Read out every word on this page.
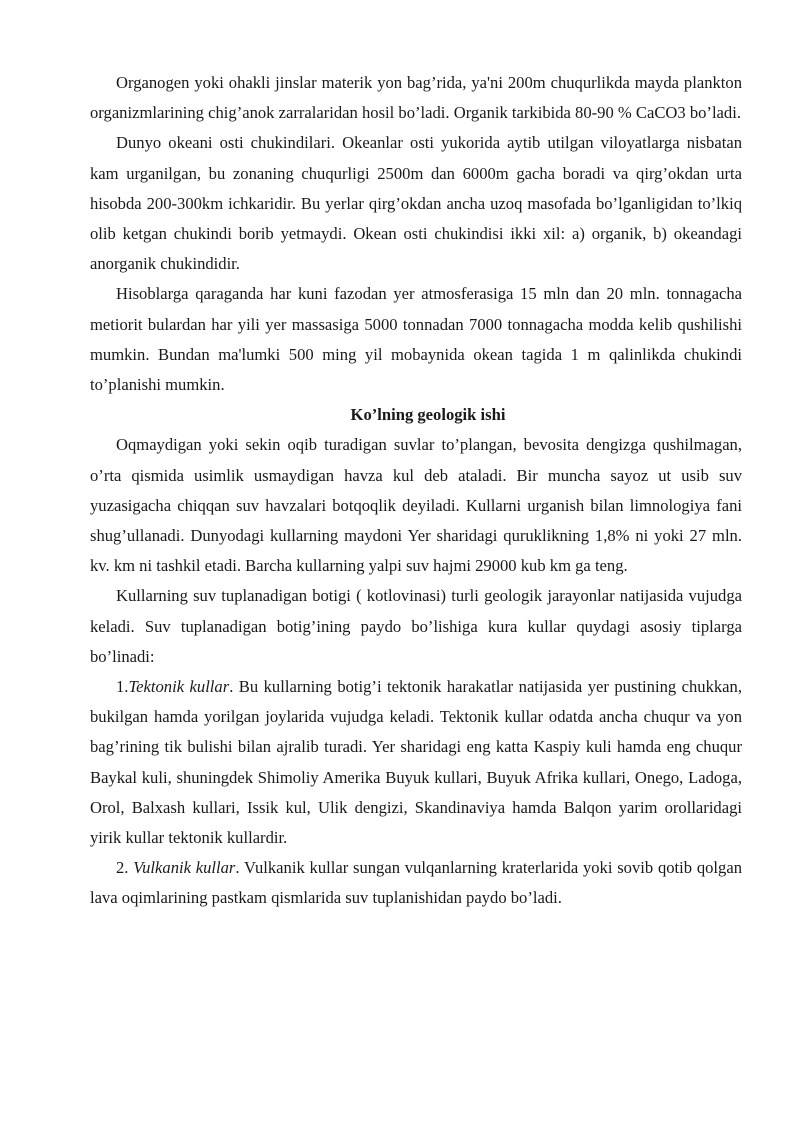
Organogen yoki ohakli jinslar materik yon bag’rida, ya'ni 200m chuqurlikda mayda plankton organizmlarining chig’anok zarralaridan hosil bo’ladi. Organik tarkibida 80-90 % CaCO3 bo’ladi.

Dunyo okeani osti chukindilari. Okeanlar osti yukorida aytib utilgan viloyatlarga nisbatan kam urganilgan, bu zonaning chuqurligi 2500m dan 6000m gacha boradi va qirg’okdan urta hisobda 200-300km ichkaridir. Bu yerlar qirg’okdan ancha uzoq masofada bo’lganligidan to’lkiq olib ketgan chukindi borib yetmaydi. Okean osti chukindisi ikki xil: a) organik, b) okeandagi anorganik chukindidir.

Hisoblarga qaraganda har kuni fazodan yer atmosferasiga 15 mln dan 20 mln. tonnagacha metiorit bulardan har yili yer massasiga 5000 tonnadan 7000 tonnagacha modda kelib qushilishi mumkin. Bundan ma'lumki 500 ming yil mobaynida okean tagida 1 m qalinlikda chukindi to’planishi mumkin.

Ko’lning geologik ishi

Oqmaydigan yoki sekin oqib turadigan suvlar to’plangan, bevosita dengizga qushilmagan, o’rta qismida usimlik usmaydigan havza kul deb ataladi. Bir muncha sayoz ut usib suv yuzasigacha chiqqan suv havzalari botqoqlik deyiladi. Kullarni urganish bilan limnologiya fani shug’ullanadi. Dunyodagi kullarning maydoni Yer sharidagi quruklikning 1,8% ni yoki 27 mln. kv. km ni tashkil etadi. Barcha kullarning yalpi suv hajmi 29000 kub km ga teng.

Kullarning suv tuplanadigan botigi ( kotlovinasi) turli geologik jarayonlar natijasida vujudga keladi. Suv tuplanadigan botig’ining paydo bo’lishiga kura kullar quydagi asosiy tiplarga bo’linadi:

1.Tektonik kullar. Bu kullarning botig’i tektonik harakatlar natijasida yer pustining chukkan, bukilgan hamda yorilgan joylarida vujudga keladi. Tektonik kullar odatda ancha chuqur va yon bag’rining tik bulishi bilan ajralib turadi. Yer sharidagi eng katta Kaspiy kuli hamda eng chuqur Baykal kuli, shuningdek Shimoliy Amerika Buyuk kullari, Buyuk Afrika kullari, Onego, Ladoga, Orol, Balxash kullari, Issik kul, Ulik dengizi, Skandinaviya hamda Balqon yarim orollaridagi yirik kullar tektonik kullardir.

2. Vulkanik kullar. Vulkanik kullar sungan vulqanlarning kraterlarida yoki sovib qotib qolgan lava oqimlarining pastkam qismlarida suv tuplanishidan paydo bo’ladi.
